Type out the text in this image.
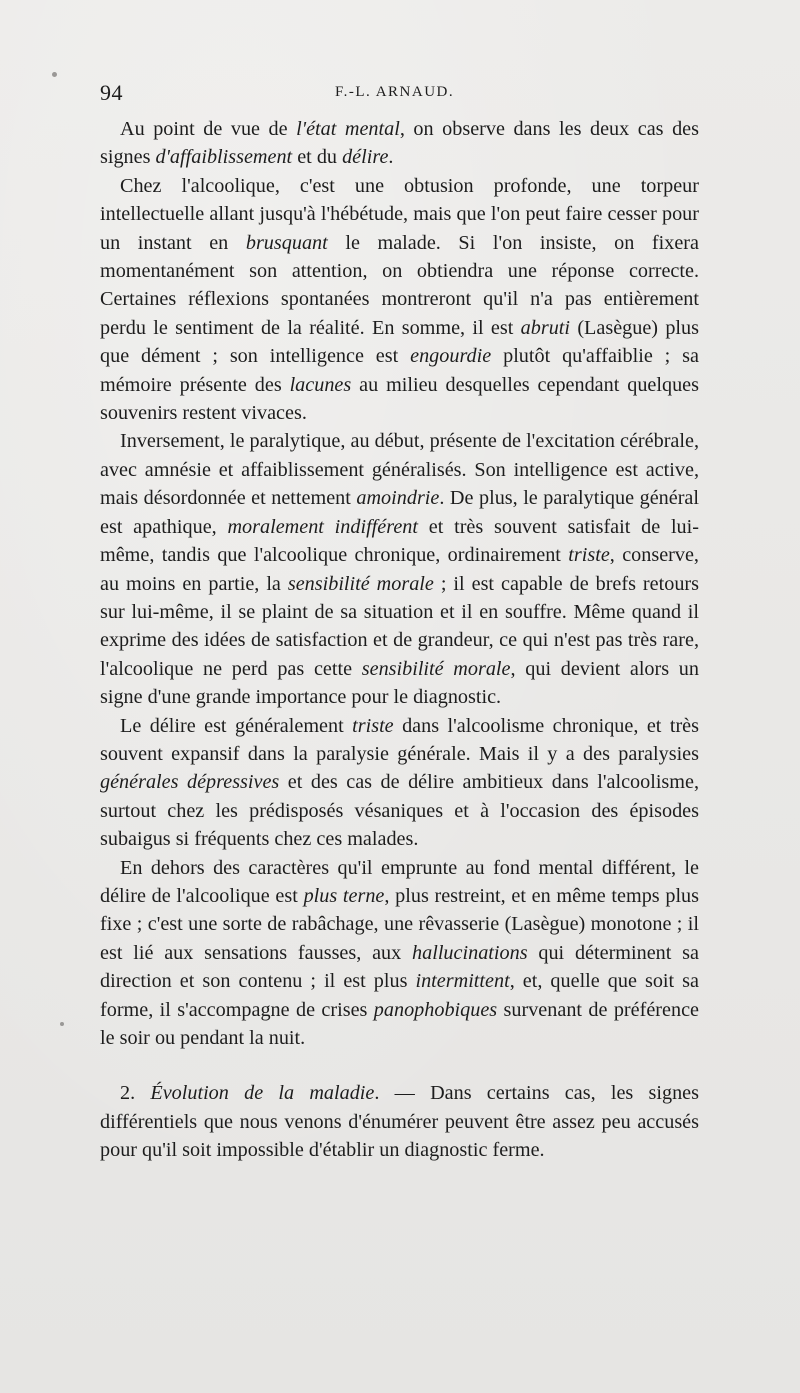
94	F.-L. ARNAUD.

Au point de vue de l'état mental, on observe dans les deux cas des signes d'affaiblissement et du délire.

Chez l'alcoolique, c'est une obtusion profonde, une torpeur intellectuelle allant jusqu'à l'hébétude, mais que l'on peut faire cesser pour un instant en brusquant le malade. Si l'on insiste, on fixera momentanément son attention, on obtiendra une réponse correcte. Certaines réflexions spontanées montreront qu'il n'a pas entièrement perdu le sentiment de la réalité. En somme, il est abruti (Lasègue) plus que dément ; son intelligence est engourdie plutôt qu'affaiblie ; sa mémoire présente des lacunes au milieu desquelles cependant quelques souvenirs restent vivaces.

Inversement, le paralytique, au début, présente de l'excitation cérébrale, avec amnésie et affaiblissement généralisés. Son intelligence est active, mais désordonnée et nettement amoindrie. De plus, le paralytique général est apathique, moralement indifférent et très souvent satisfait de lui-même, tandis que l'alcoolique chronique, ordinairement triste, conserve, au moins en partie, la sensibilité morale ; il est capable de brefs retours sur lui-même, il se plaint de sa situation et il en souffre. Même quand il exprime des idées de satisfaction et de grandeur, ce qui n'est pas très rare, l'alcoolique ne perd pas cette sensibilité morale, qui devient alors un signe d'une grande importance pour le diagnostic.

Le délire est généralement triste dans l'alcoolisme chronique, et très souvent expansif dans la paralysie générale. Mais il y a des paralysies générales dépressives et des cas de délire ambitieux dans l'alcoolisme, surtout chez les prédisposés vésaniques et à l'occasion des épisodes subaigus si fréquents chez ces malades.

En dehors des caractères qu'il emprunte au fond mental différent, le délire de l'alcoolique est plus terne, plus restreint, et en même temps plus fixe ; c'est une sorte de rabâchage, une rêvasserie (Lasègue) monotone ; il est lié aux sensations fausses, aux hallucinations qui déterminent sa direction et son contenu ; il est plus intermittent, et, quelle que soit sa forme, il s'accompagne de crises panophobiques survenant de préférence le soir ou pendant la nuit.

2. Évolution de la maladie. — Dans certains cas, les signes différentiels que nous venons d'énumérer peuvent être assez peu accusés pour qu'il soit impossible d'établir un diagnostic ferme.
